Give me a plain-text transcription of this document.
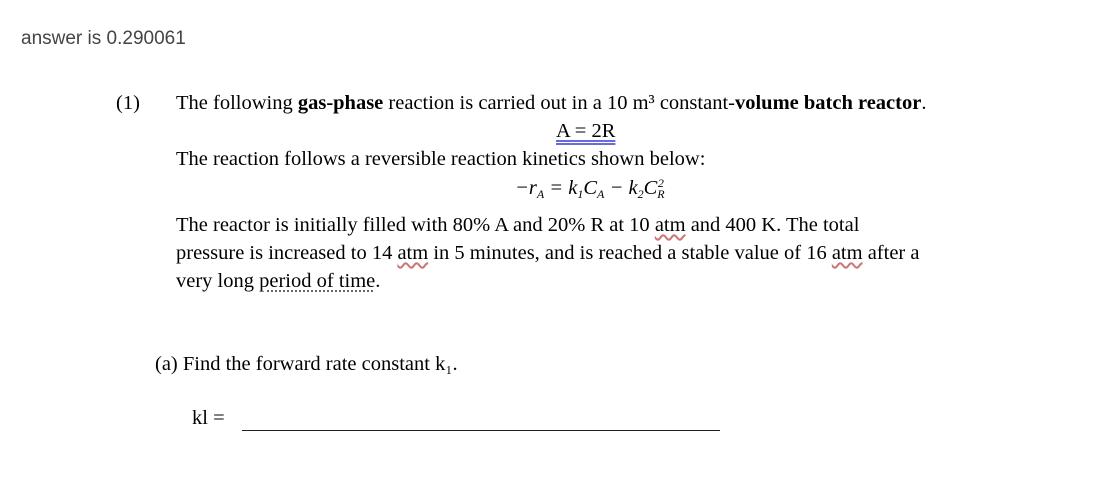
answer is 0.290061
(1) The following gas-phase reaction is carried out in a 10 m³ constant-volume batch reactor.
A = 2R
The reaction follows a reversible reaction kinetics shown below:
$-r_A = k_1C_A - k_2C2$
R
The reactor is initially filled with 80% A and 20% R at 10 atm and 400 K. The total
pressure is increased to 14 atm in 5 minutes, and is reached a stable value of 16 atm after a
very long period of time.
(a) Find the forward rate constant k₁.
kl =
